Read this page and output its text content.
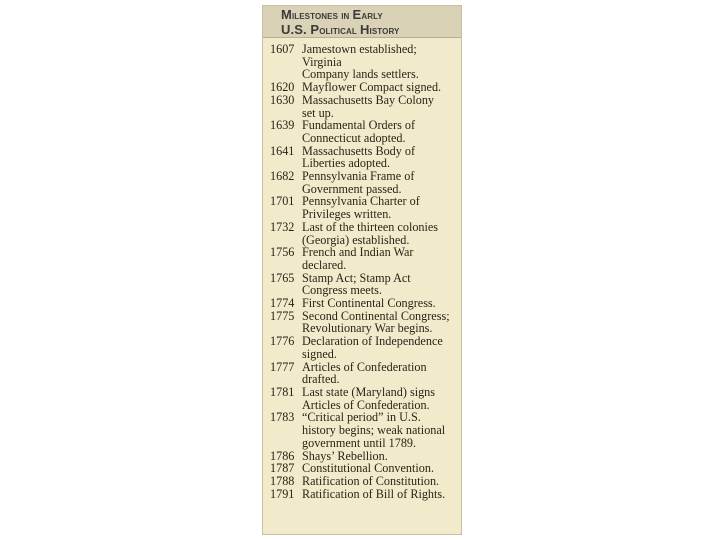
Milestones in Early
U.S. Political History
1607 Jamestown established; Virginia
Company lands settlers.
1620 Mayflower Compact signed.
1630 Massachusetts Bay Colony
set up.
1639 Fundamental Orders of
Connecticut adopted.
1641 Massachusetts Body of
Liberties adopted.
1682 Pennsylvania Frame of
Government passed.
1701 Pennsylvania Charter of
Privileges written.
1732 Last of the thirteen colonies
(Georgia) established.
1756 French and Indian War
declared.
1765 Stamp Act; Stamp Act
Congress meets.
1774 First Continental Congress.
1775 Second Continental Congress;
Revolutionary War begins.
1776 Declaration of Independence
signed.
1777 Articles of Confederation
drafted.
1781 Last state (Maryland) signs
Articles of Confederation.
1783 “Critical period” in U.S.
history begins; weak national
government until 1789.
1786 Shays’ Rebellion.
1787 Constitutional Convention.
1788 Ratification of Constitution.
1791 Ratification of Bill of Rights.
